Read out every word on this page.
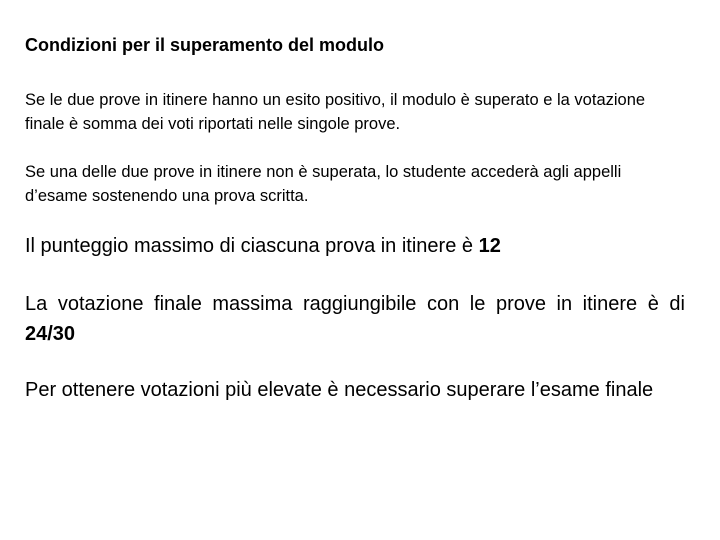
Condizioni per il superamento del modulo

Se le due prove in itinere hanno un esito positivo, il modulo è superato e la votazione finale è somma dei voti riportati nelle singole prove.

Se una delle due prove in itinere non è superata, lo studente accederà agli appelli d’esame sostenendo una prova scritta.

Il punteggio massimo di ciascuna prova in itinere è 12

La votazione finale massima raggiungibile con le prove in itinere è di 24/30

Per ottenere votazioni più elevate è necessario superare l’esame finale
